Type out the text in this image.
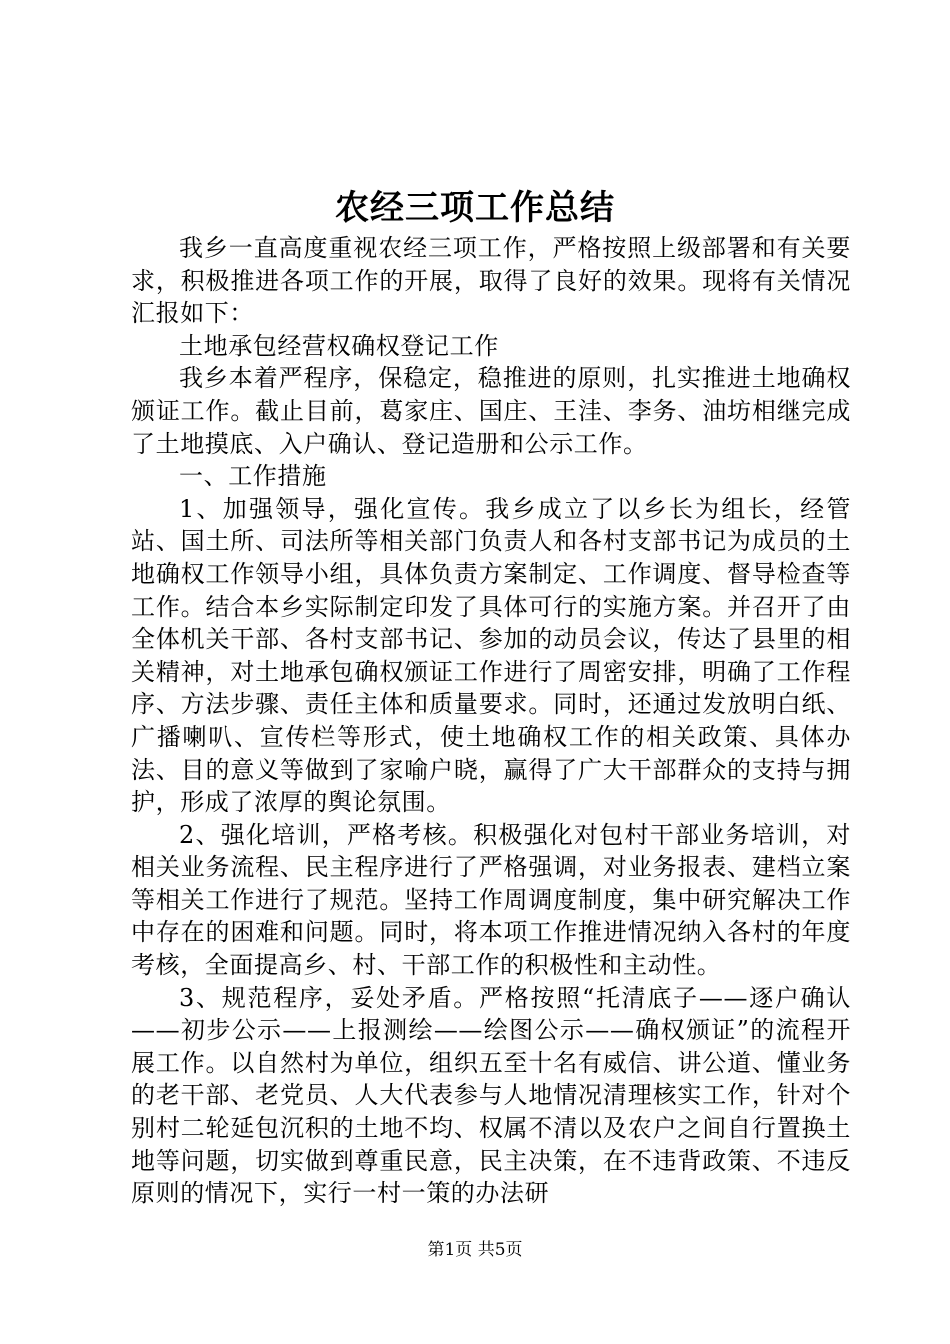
农经三项工作总结

我乡一直高度重视农经三项工作，严格按照上级部署和有关要求，积极推进各项工作的开展，取得了良好的效果。现将有关情况汇报如下：

土地承包经营权确权登记工作

我乡本着严程序，保稳定，稳推进的原则，扎实推进土地确权颁证工作。截止目前，葛家庄、国庄、王洼、李务、油坊相继完成了土地摸底、入户确认、登记造册和公示工作。

一、工作措施

1、加强领导，强化宣传。我乡成立了以乡长为组长，经管站、国土所、司法所等相关部门负责人和各村支部书记为成员的土地确权工作领导小组，具体负责方案制定、工作调度、督导检查等工作。结合本乡实际制定印发了具体可行的实施方案。并召开了由全体机关干部、各村支部书记、参加的动员会议，传达了县里的相关精神，对土地承包确权颁证工作进行了周密安排，明确了工作程序、方法步骤、责任主体和质量要求。同时，还通过发放明白纸、广播喇叭、宣传栏等形式，使土地确权工作的相关政策、具体办法、目的意义等做到了家喻户晓，赢得了广大干部群众的支持与拥护，形成了浓厚的舆论氛围。

2、强化培训，严格考核。积极强化对包村干部业务培训，对相关业务流程、民主程序进行了严格强调，对业务报表、建档立案等相关工作进行了规范。坚持工作周调度制度，集中研究解决工作中存在的困难和问题。同时，将本项工作推进情况纳入各村的年度考核，全面提高乡、村、干部工作的积极性和主动性。

3、规范程序，妥处矛盾。严格按照“托清底子——逐户确认——初步公示——上报测绘——绘图公示——确权颁证”的流程开展工作。以自然村为单位，组织五至十名有威信、讲公道、懂业务的老干部、老党员、人大代表参与人地情况清理核实工作，针对个别村二轮延包沉积的土地不均、权属不清以及农户之间自行置换土地等问题，切实做到尊重民意，民主决策，在不违背政策、不违反原则的情况下，实行一村一策的办法研

第1页 共5页
